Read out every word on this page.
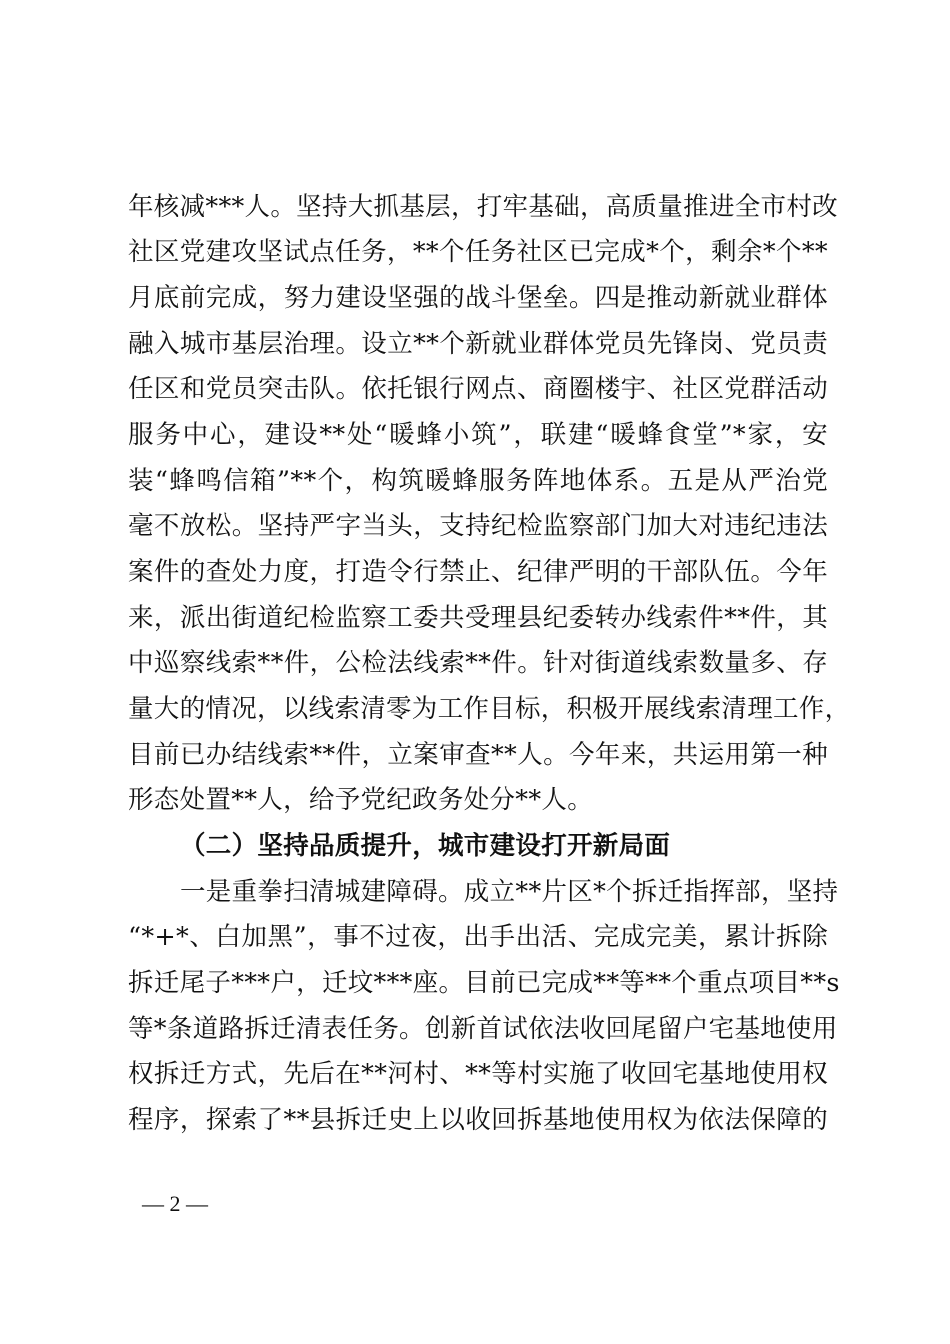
年核减***人。坚持大抓基层，打牢基础，高质量推进全市村改
社区党建攻坚试点任务，**个任务社区已完成*个，剩余*个**
月底前完成，努力建设坚强的战斗堡垒。四是推动新就业群体
融入城市基层治理。设立**个新就业群体党员先锋岗、党员责
任区和党员突击队。依托银行网点、商圈楼宇、社区党群活动
服务中心，建设**处“暖蜂小筑”，联建“暖蜂食堂”*家，安
装“蜂鸣信箱”**个，构筑暖蜂服务阵地体系。五是从严治党
毫不放松。坚持严字当头，支持纪检监察部门加大对违纪违法
案件的查处力度，打造令行禁止、纪律严明的干部队伍。今年
来，派出街道纪检监察工委共受理县纪委转办线索件**件，其
中巡察线索**件，公检法线索**件。针对街道线索数量多、存
量大的情况，以线索清零为工作目标，积极开展线索清理工作，
目前已办结线索**件，立案审查**人。今年来，共运用第一种
形态处置**人，给予党纪政务处分**人。
（二）坚持品质提升，城市建设打开新局面
一是重拳扫清城建障碍。成立**片区*个拆迁指挥部，坚持
“*+*、白加黑”，事不过夜，出手出活、完成完美，累计拆除
拆迁尾子***户，迁坟***座。目前已完成**等**个重点项目**s
等*条道路拆迁清表任务。创新首试依法收回尾留户宅基地使用
权拆迁方式，先后在**河村、**等村实施了收回宅基地使用权
程序，探索了**县拆迁史上以收回拆基地使用权为依法保障的
— 2 —
